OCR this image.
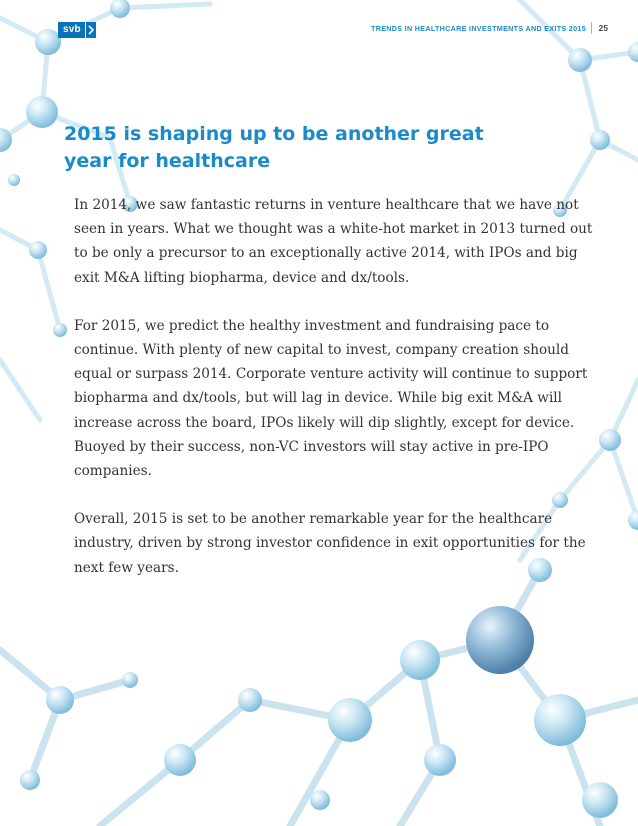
svb	TRENDS IN HEALTHCARE INVESTMENTS AND EXITS 2015 25
2015 is shaping up to be another great year for healthcare

In 2014, we saw fantastic returns in venture healthcare that we have not seen in years. What we thought was a white-hot market in 2013 turned out to be only a precursor to an exceptionally active 2014, with IPOs and big exit M&A lifting biopharma, device and dx/tools.

For 2015, we predict the healthy investment and fundraising pace to continue. With plenty of new capital to invest, company creation should equal or surpass 2014. Corporate venture activity will continue to support biopharma and dx/tools, but will lag in device. While big exit M&A will increase across the board, IPOs likely will dip slightly, except for device. Buoyed by their success, non-VC investors will stay active in pre-IPO companies.

Overall, 2015 is set to be another remarkable year for the healthcare industry, driven by strong investor confidence in exit opportunities for the next few years.
